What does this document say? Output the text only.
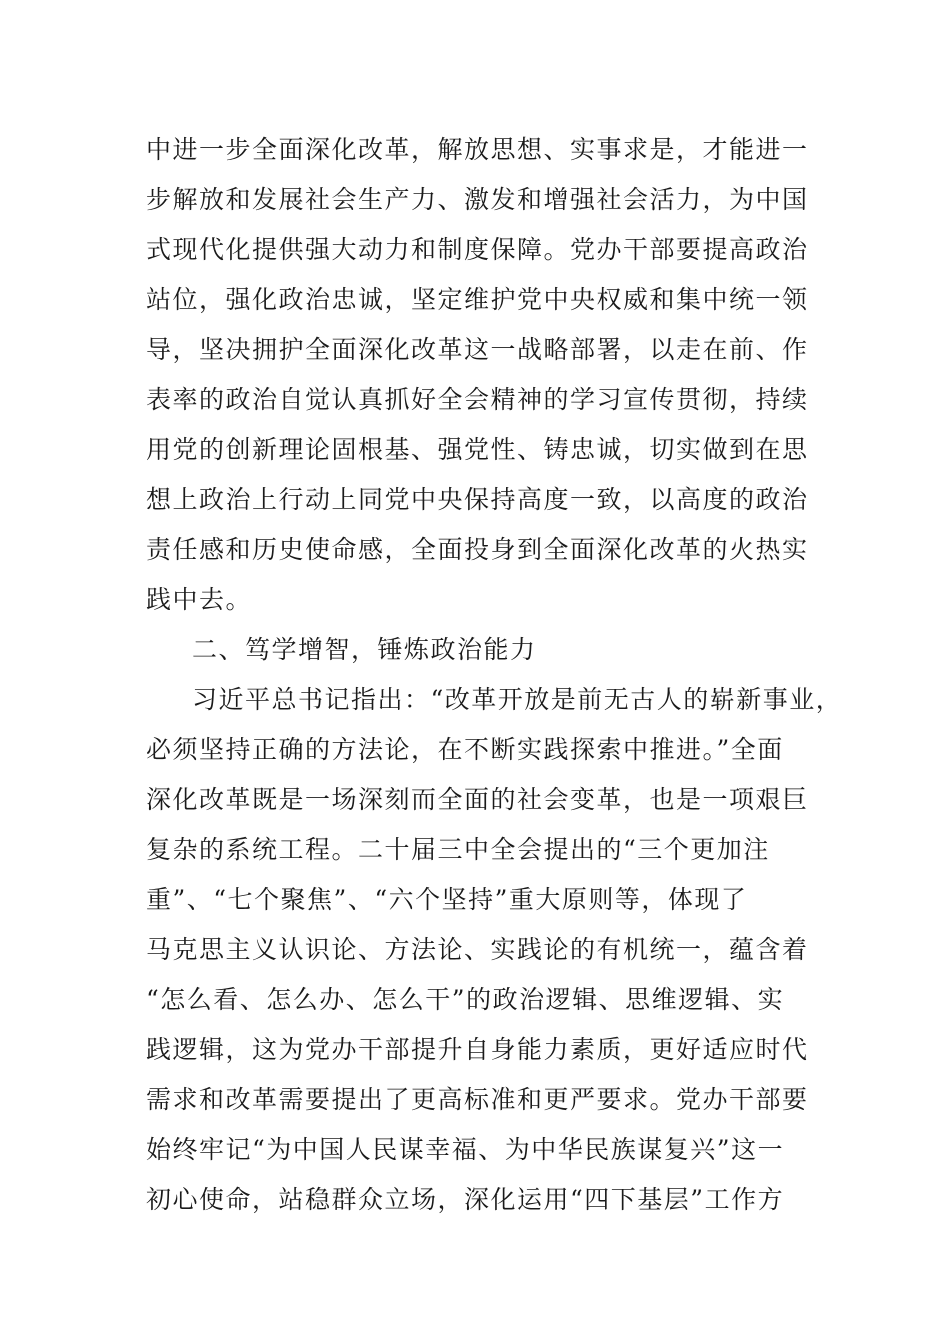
中进一步全面深化改革，解放思想、实事求是，才能进一
步解放和发展社会生产力、激发和增强社会活力，为中国
式现代化提供强大动力和制度保障。党办干部要提高政治
站位，强化政治忠诚，坚定维护党中央权威和集中统一领
导，坚决拥护全面深化改革这一战略部署，以走在前、作
表率的政治自觉认真抓好全会精神的学习宣传贯彻，持续
用党的创新理论固根基、强党性、铸忠诚，切实做到在思
想上政治上行动上同党中央保持高度一致，以高度的政治
责任感和历史使命感，全面投身到全面深化改革的火热实
践中去。
二、笃学增智，锤炼政治能力
习近平总书记指出：“改革开放是前无古人的崭新事业，
必须坚持正确的方法论，在不断实践探索中推进。”全面
深化改革既是一场深刻而全面的社会变革，也是一项艰巨
复杂的系统工程。二十届三中全会提出的“三个更加注
重”、“七个聚焦”、“六个坚持”重大原则等，体现了
马克思主义认识论、方法论、实践论的有机统一，蕴含着
“怎么看、怎么办、怎么干”的政治逻辑、思维逻辑、实
践逻辑，这为党办干部提升自身能力素质，更好适应时代
需求和改革需要提出了更高标准和更严要求。党办干部要
始终牢记“为中国人民谋幸福、为中华民族谋复兴”这一
初心使命，站稳群众立场，深化运用“四下基层”工作方
